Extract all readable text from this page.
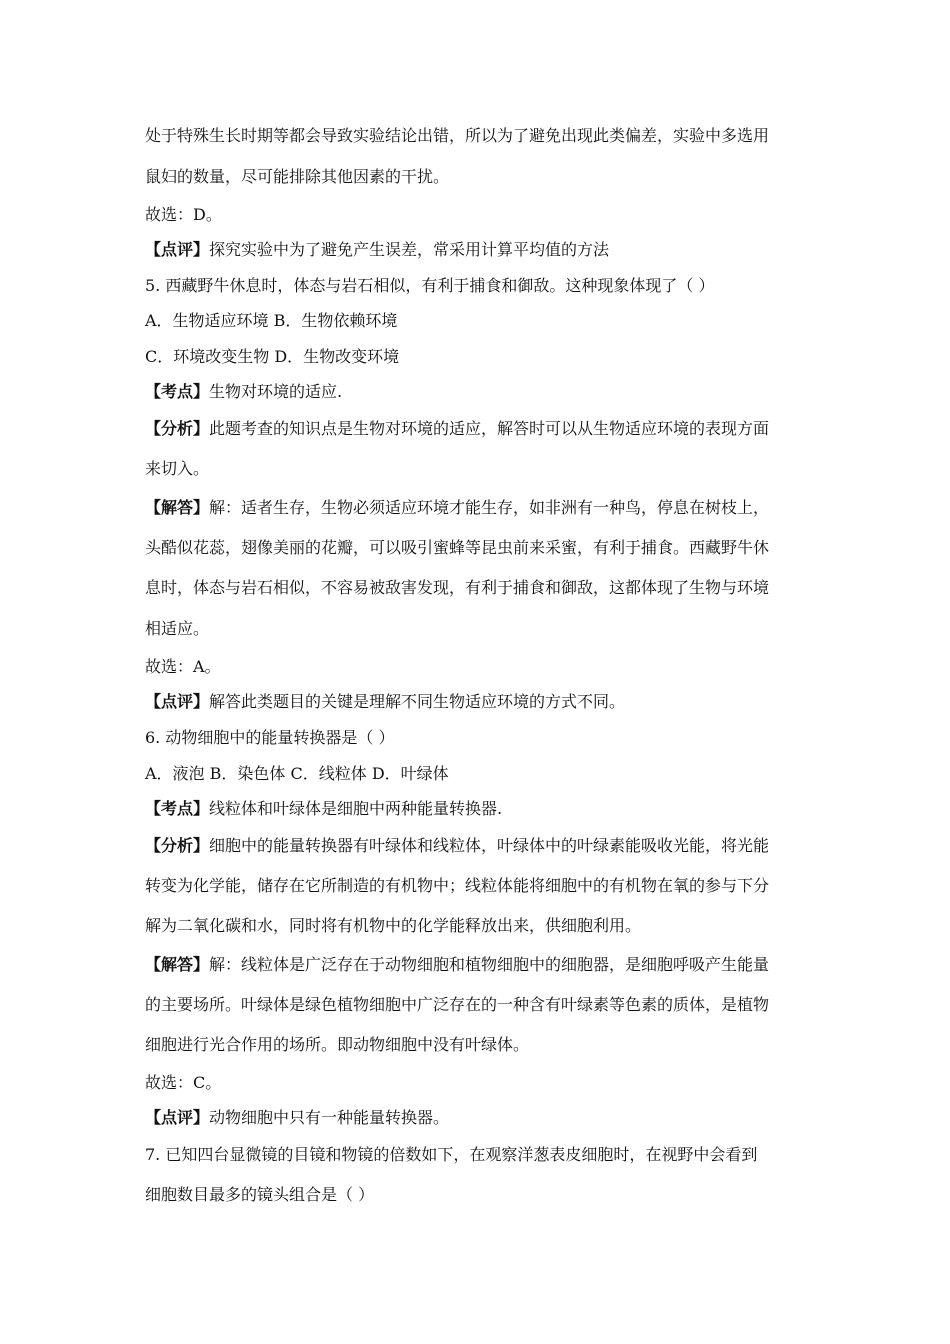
处于特殊生长时期等都会导致实验结论出错，所以为了避免出现此类偏差，实验中多选用
鼠妇的数量，尽可能排除其他因素的干扰。
故选：D。
【点评】探究实验中为了避免产生误差，常采用计算平均值的方法
5. 西藏野牛休息时，体态与岩石相似，有利于捕食和御敌。这种现象体现了（ ）
A．生物适应环境 B．生物依赖环境
C．环境改变生物 D．生物改变环境
【考点】生物对环境的适应.
【分析】此题考查的知识点是生物对环境的适应，解答时可以从生物适应环境的表现方面
来切入。
【解答】解：适者生存，生物必须适应环境才能生存，如非洲有一种鸟，停息在树枝上，
头酷似花蕊，翅像美丽的花瓣，可以吸引蜜蜂等昆虫前来采蜜，有利于捕食。西藏野牛休
息时，体态与岩石相似，不容易被敌害发现，有利于捕食和御敌，这都体现了生物与环境
相适应。
故选：A。
【点评】解答此类题目的关键是理解不同生物适应环境的方式不同。
6. 动物细胞中的能量转换器是（ ）
A．液泡 B．染色体 C．线粒体 D．叶绿体
【考点】线粒体和叶绿体是细胞中两种能量转换器.
【分析】细胞中的能量转换器有叶绿体和线粒体，叶绿体中的叶绿素能吸收光能，将光能
转变为化学能，储存在它所制造的有机物中；线粒体能将细胞中的有机物在氧的参与下分
解为二氧化碳和水，同时将有机物中的化学能释放出来，供细胞利用。
【解答】解：线粒体是广泛存在于动物细胞和植物细胞中的细胞器，是细胞呼吸产生能量
的主要场所。叶绿体是绿色植物细胞中广泛存在的一种含有叶绿素等色素的质体，是植物
细胞进行光合作用的场所。即动物细胞中没有叶绿体。
故选：C。
【点评】动物细胞中只有一种能量转换器。
7. 已知四台显微镜的目镜和物镜的倍数如下，在观察洋葱表皮细胞时，在视野中会看到
细胞数目最多的镜头组合是（ ）
